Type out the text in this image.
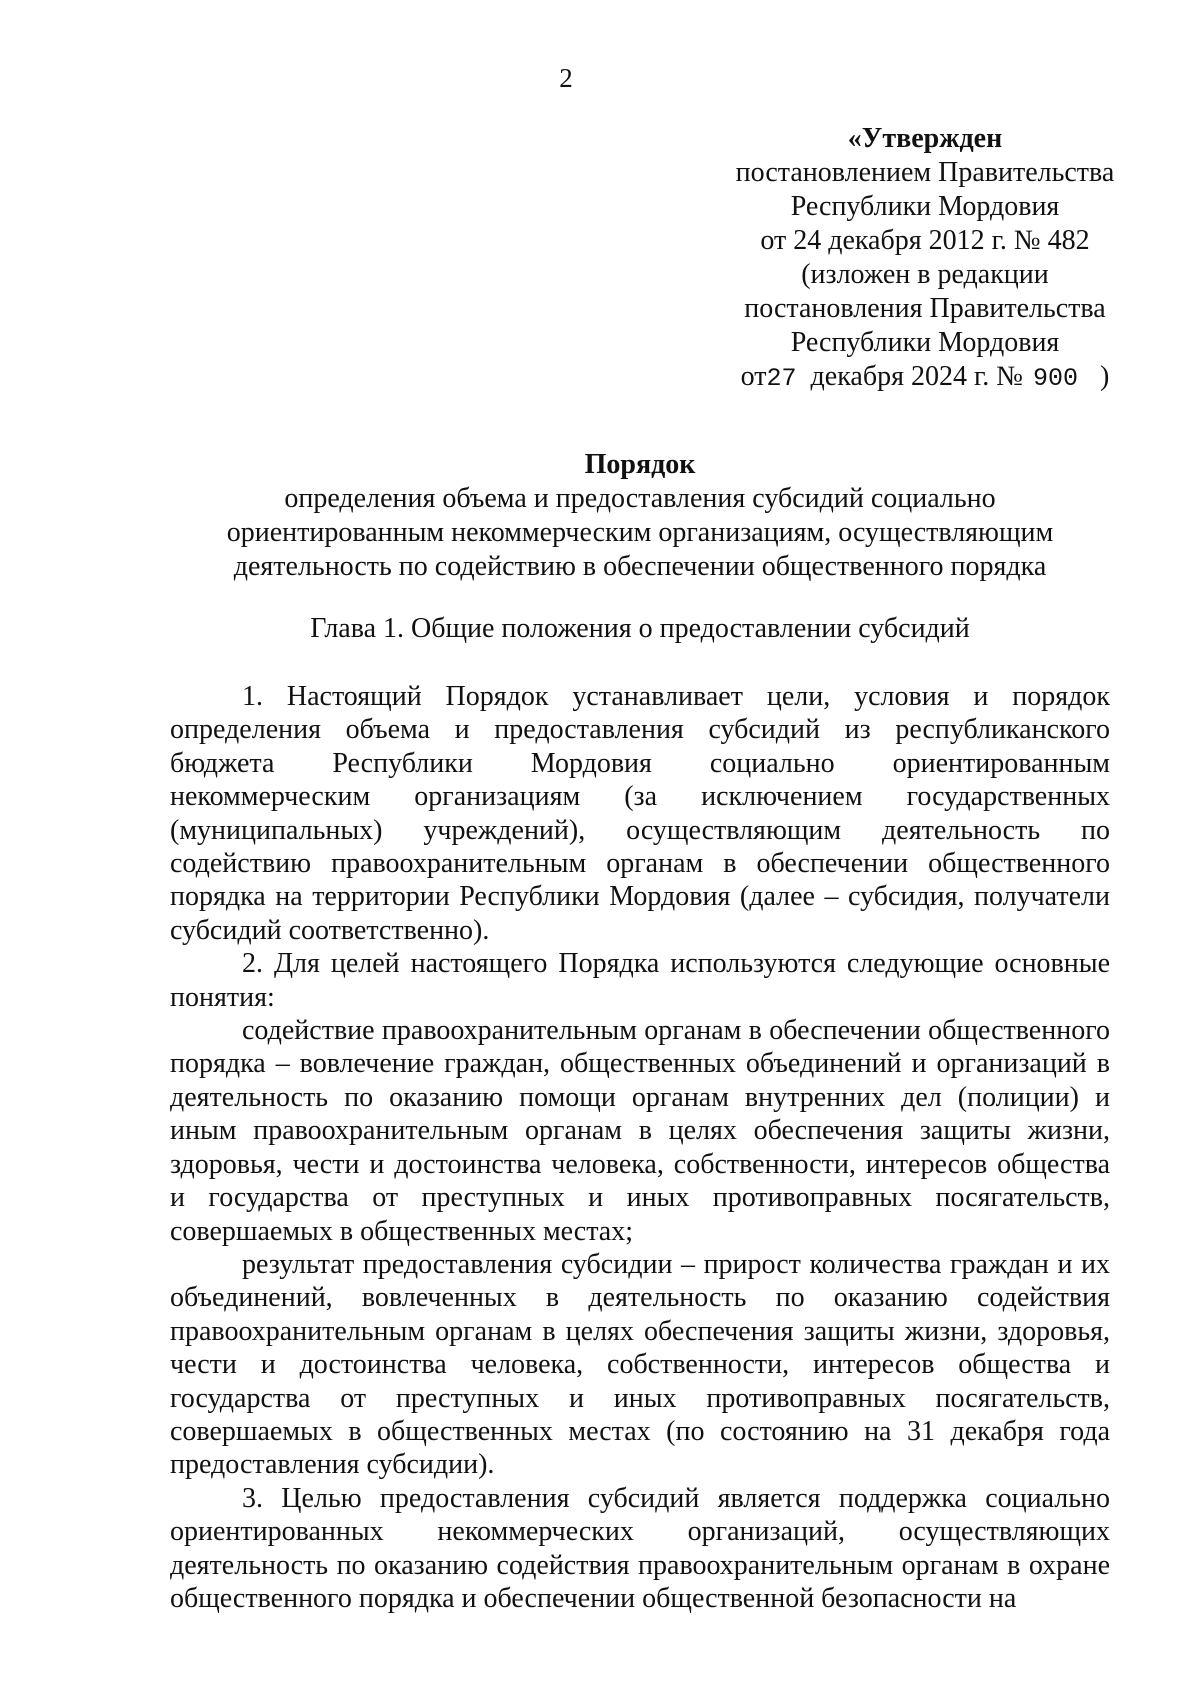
2
«Утвержден
постановлением Правительства
Республики Мордовия
от 24 декабря 2012 г. № 482
(изложен в редакции
постановления Правительства
Республики Мордовия
от27 декабря 2024 г. № 900 )
Порядок
определения объема и предоставления субсидий социально
ориентированным некоммерческим организациям, осуществляющим
деятельность по содействию в обеспечении общественного порядка
Глава 1. Общие положения о предоставлении субсидий

1. Настоящий Порядок устанавливает цели, условия и порядок определения объема и предоставления субсидий из республиканского бюджета Республики Мордовия социально ориентированным некоммерческим организациям (за исключением государственных (муниципальных) учреждений), осуществляющим деятельность по содействию правоохранительным органам в обеспечении общественного порядка на территории Республики Мордовия (далее – субсидия, получатели субсидий соответственно).

2. Для целей настоящего Порядка используются следующие основные понятия:

содействие правоохранительным органам в обеспечении общественного порядка – вовлечение граждан, общественных объединений и организаций в деятельность по оказанию помощи органам внутренних дел (полиции) и иным правоохранительным органам в целях обеспечения защиты жизни, здоровья, чести и достоинства человека, собственности, интересов общества и государства от преступных и иных противоправных посягательств, совершаемых в общественных местах;

результат предоставления субсидии – прирост количества граждан и их объединений, вовлеченных в деятельность по оказанию содействия правоохранительным органам в целях обеспечения защиты жизни, здоровья, чести и достоинства человека, собственности, интересов общества и государства от преступных и иных противоправных посягательств, совершаемых в общественных местах (по состоянию на 31 декабря года предоставления субсидии).

3. Целью предоставления субсидий является поддержка социально ориентированных некоммерческих организаций, осуществляющих деятельность по оказанию содействия правоохранительным органам в охране общественного порядка и обеспечении общественной безопасности на
